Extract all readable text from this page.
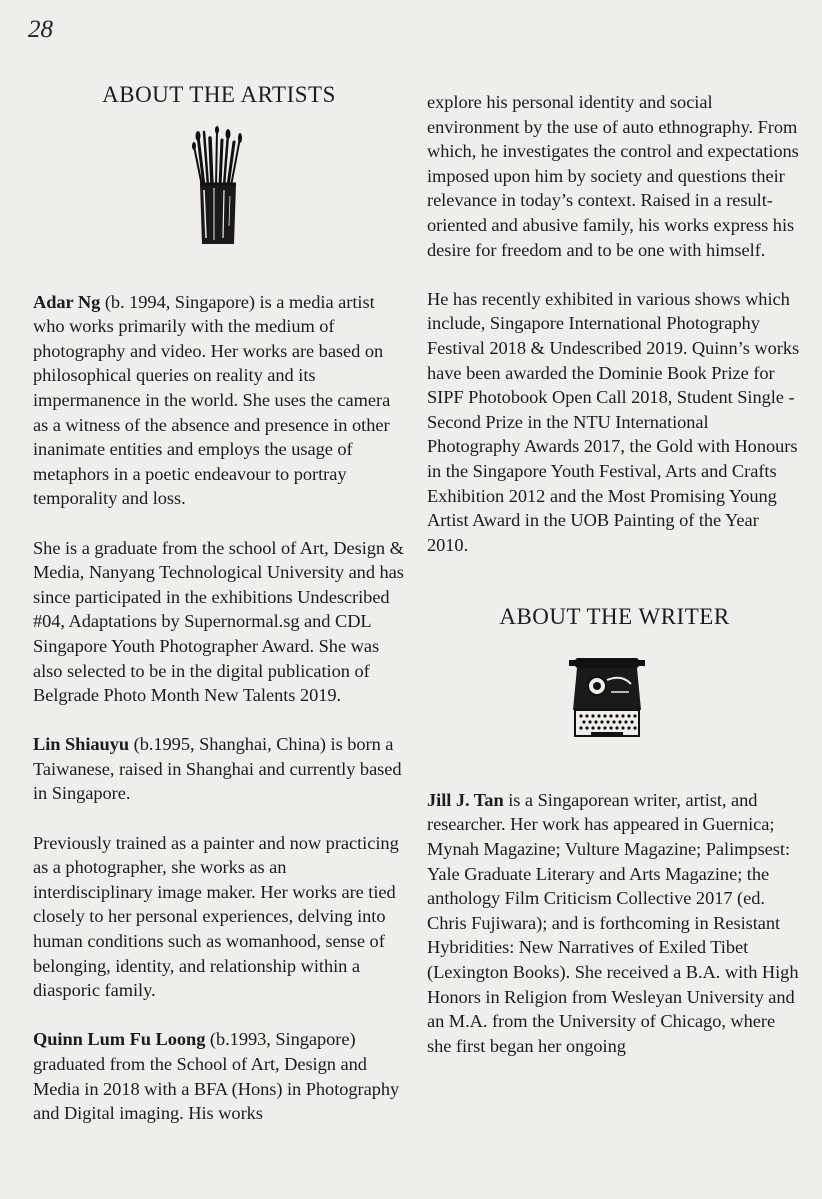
28
ABOUT THE ARTISTS

Adar Ng (b. 1994, Singapore) is a media artist who works primarily with the medium of photography and video. Her works are based on philosophical queries on reality and its impermanence in the world. She uses the camera as a witness of the absence and presence in other inanimate entities and employs the usage of metaphors in a poetic endeavour to portray temporality and loss.

She is a graduate from the school of Art, Design & Media, Nanyang Technological University and has since participated in the exhibitions Undescribed #04, Adaptations by Supernormal.sg and CDL Singapore Youth Photographer Award. She was also selected to be in the digital publication of Belgrade Photo Month New Talents 2019.

Lin Shiauyu (b.1995, Shanghai, China) is born a Taiwanese, raised in Shanghai and currently based in Singapore.

Previously trained as a painter and now practicing as a photographer, she works as an interdisciplinary image maker. Her works are tied closely to her personal experiences, delving into human conditions such as womanhood, sense of belonging, identity, and relationship within a diasporic family.

Quinn Lum Fu Loong (b.1993, Singapore) graduated from the School of Art, Design and Media in 2018 with a BFA (Hons) in Photography and Digital imaging. His works

explore his personal identity and social environment by the use of auto ethnography. From which, he investigates the control and expectations imposed upon him by society and questions their relevance in today’s context. Raised in a result-oriented and abusive family, his works express his desire for freedom and to be one with himself.

He has recently exhibited in various shows which include, Singapore International Photography Festival 2018 & Undescribed 2019. Quinn’s works have been awarded the Dominie Book Prize for SIPF Photobook Open Call 2018, Student Single - Second Prize in the NTU International Photography Awards 2017, the Gold with Honours in the Singapore Youth Festival, Arts and Crafts Exhibition 2012 and the Most Promising Young Artist Award in the UOB Painting of the Year 2010.

ABOUT THE WRITER

Jill J. Tan is a Singaporean writer, artist, and researcher. Her work has appeared in Guernica; Mynah Magazine; Vulture Magazine; Palimpsest: Yale Graduate Literary and Arts Magazine; the anthology Film Criticism Collective 2017 (ed. Chris Fujiwara); and is forthcoming in Resistant Hybridities: New Narratives of Exiled Tibet (Lexington Books). She received a B.A. with High Honors in Religion from Wesleyan University and an M.A. from the University of Chicago, where she first began her ongoing
